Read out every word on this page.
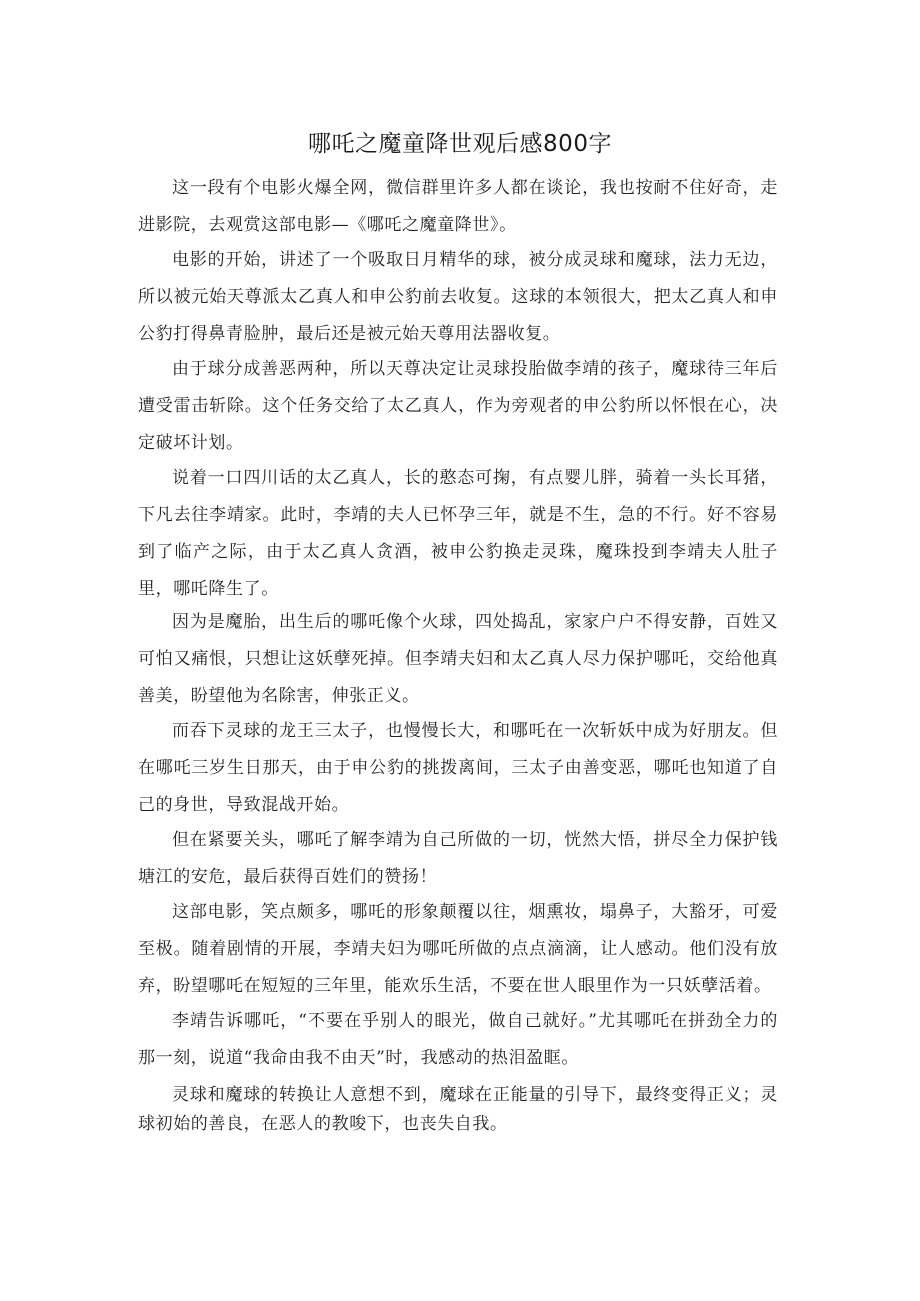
哪吒之魔童降世观后感800字

这一段有个电影火爆全网，微信群里许多人都在谈论，我也按耐不住好奇，走进影院，去观赏这部电影—《哪吒之魔童降世》。

电影的开始，讲述了一个吸取日月精华的球，被分成灵球和魔球，法力无边，所以被元始天尊派太乙真人和申公豹前去收复。这球的本领很大，把太乙真人和申公豹打得鼻青脸肿，最后还是被元始天尊用法器收复。

由于球分成善恶两种，所以天尊决定让灵球投胎做李靖的孩子，魔球待三年后遭受雷击斩除。这个任务交给了太乙真人，作为旁观者的申公豹所以怀恨在心，决定破坏计划。

说着一口四川话的太乙真人，长的憨态可掬，有点婴儿胖，骑着一头长耳猪，下凡去往李靖家。此时，李靖的夫人已怀孕三年，就是不生，急的不行。好不容易到了临产之际，由于太乙真人贪酒，被申公豹换走灵珠，魔珠投到李靖夫人肚子里，哪吒降生了。

因为是魔胎，出生后的哪吒像个火球，四处捣乱，家家户户不得安静，百姓又可怕又痛恨，只想让这妖孽死掉。但李靖夫妇和太乙真人尽力保护哪吒，交给他真善美，盼望他为名除害，伸张正义。

而吞下灵球的龙王三太子，也慢慢长大，和哪吒在一次斩妖中成为好朋友。但在哪吒三岁生日那天，由于申公豹的挑拨离间，三太子由善变恶，哪吒也知道了自己的身世，导致混战开始。

但在紧要关头，哪吒了解李靖为自己所做的一切，恍然大悟，拼尽全力保护钱塘江的安危，最后获得百姓们的赞扬！

这部电影，笑点颇多，哪吒的形象颠覆以往，烟熏妆，塌鼻子，大豁牙，可爱至极。随着剧情的开展，李靖夫妇为哪吒所做的点点滴滴，让人感动。他们没有放弃，盼望哪吒在短短的三年里，能欢乐生活，不要在世人眼里作为一只妖孽活着。

李靖告诉哪吒，“不要在乎别人的眼光，做自己就好。”尤其哪吒在拼劲全力的那一刻，说道“我命由我不由天”时，我感动的热泪盈眶。

灵球和魔球的转换让人意想不到，魔球在正能量的引导下，最终变得正义；灵球初始的善良，在恶人的教唆下，也丧失自我。
